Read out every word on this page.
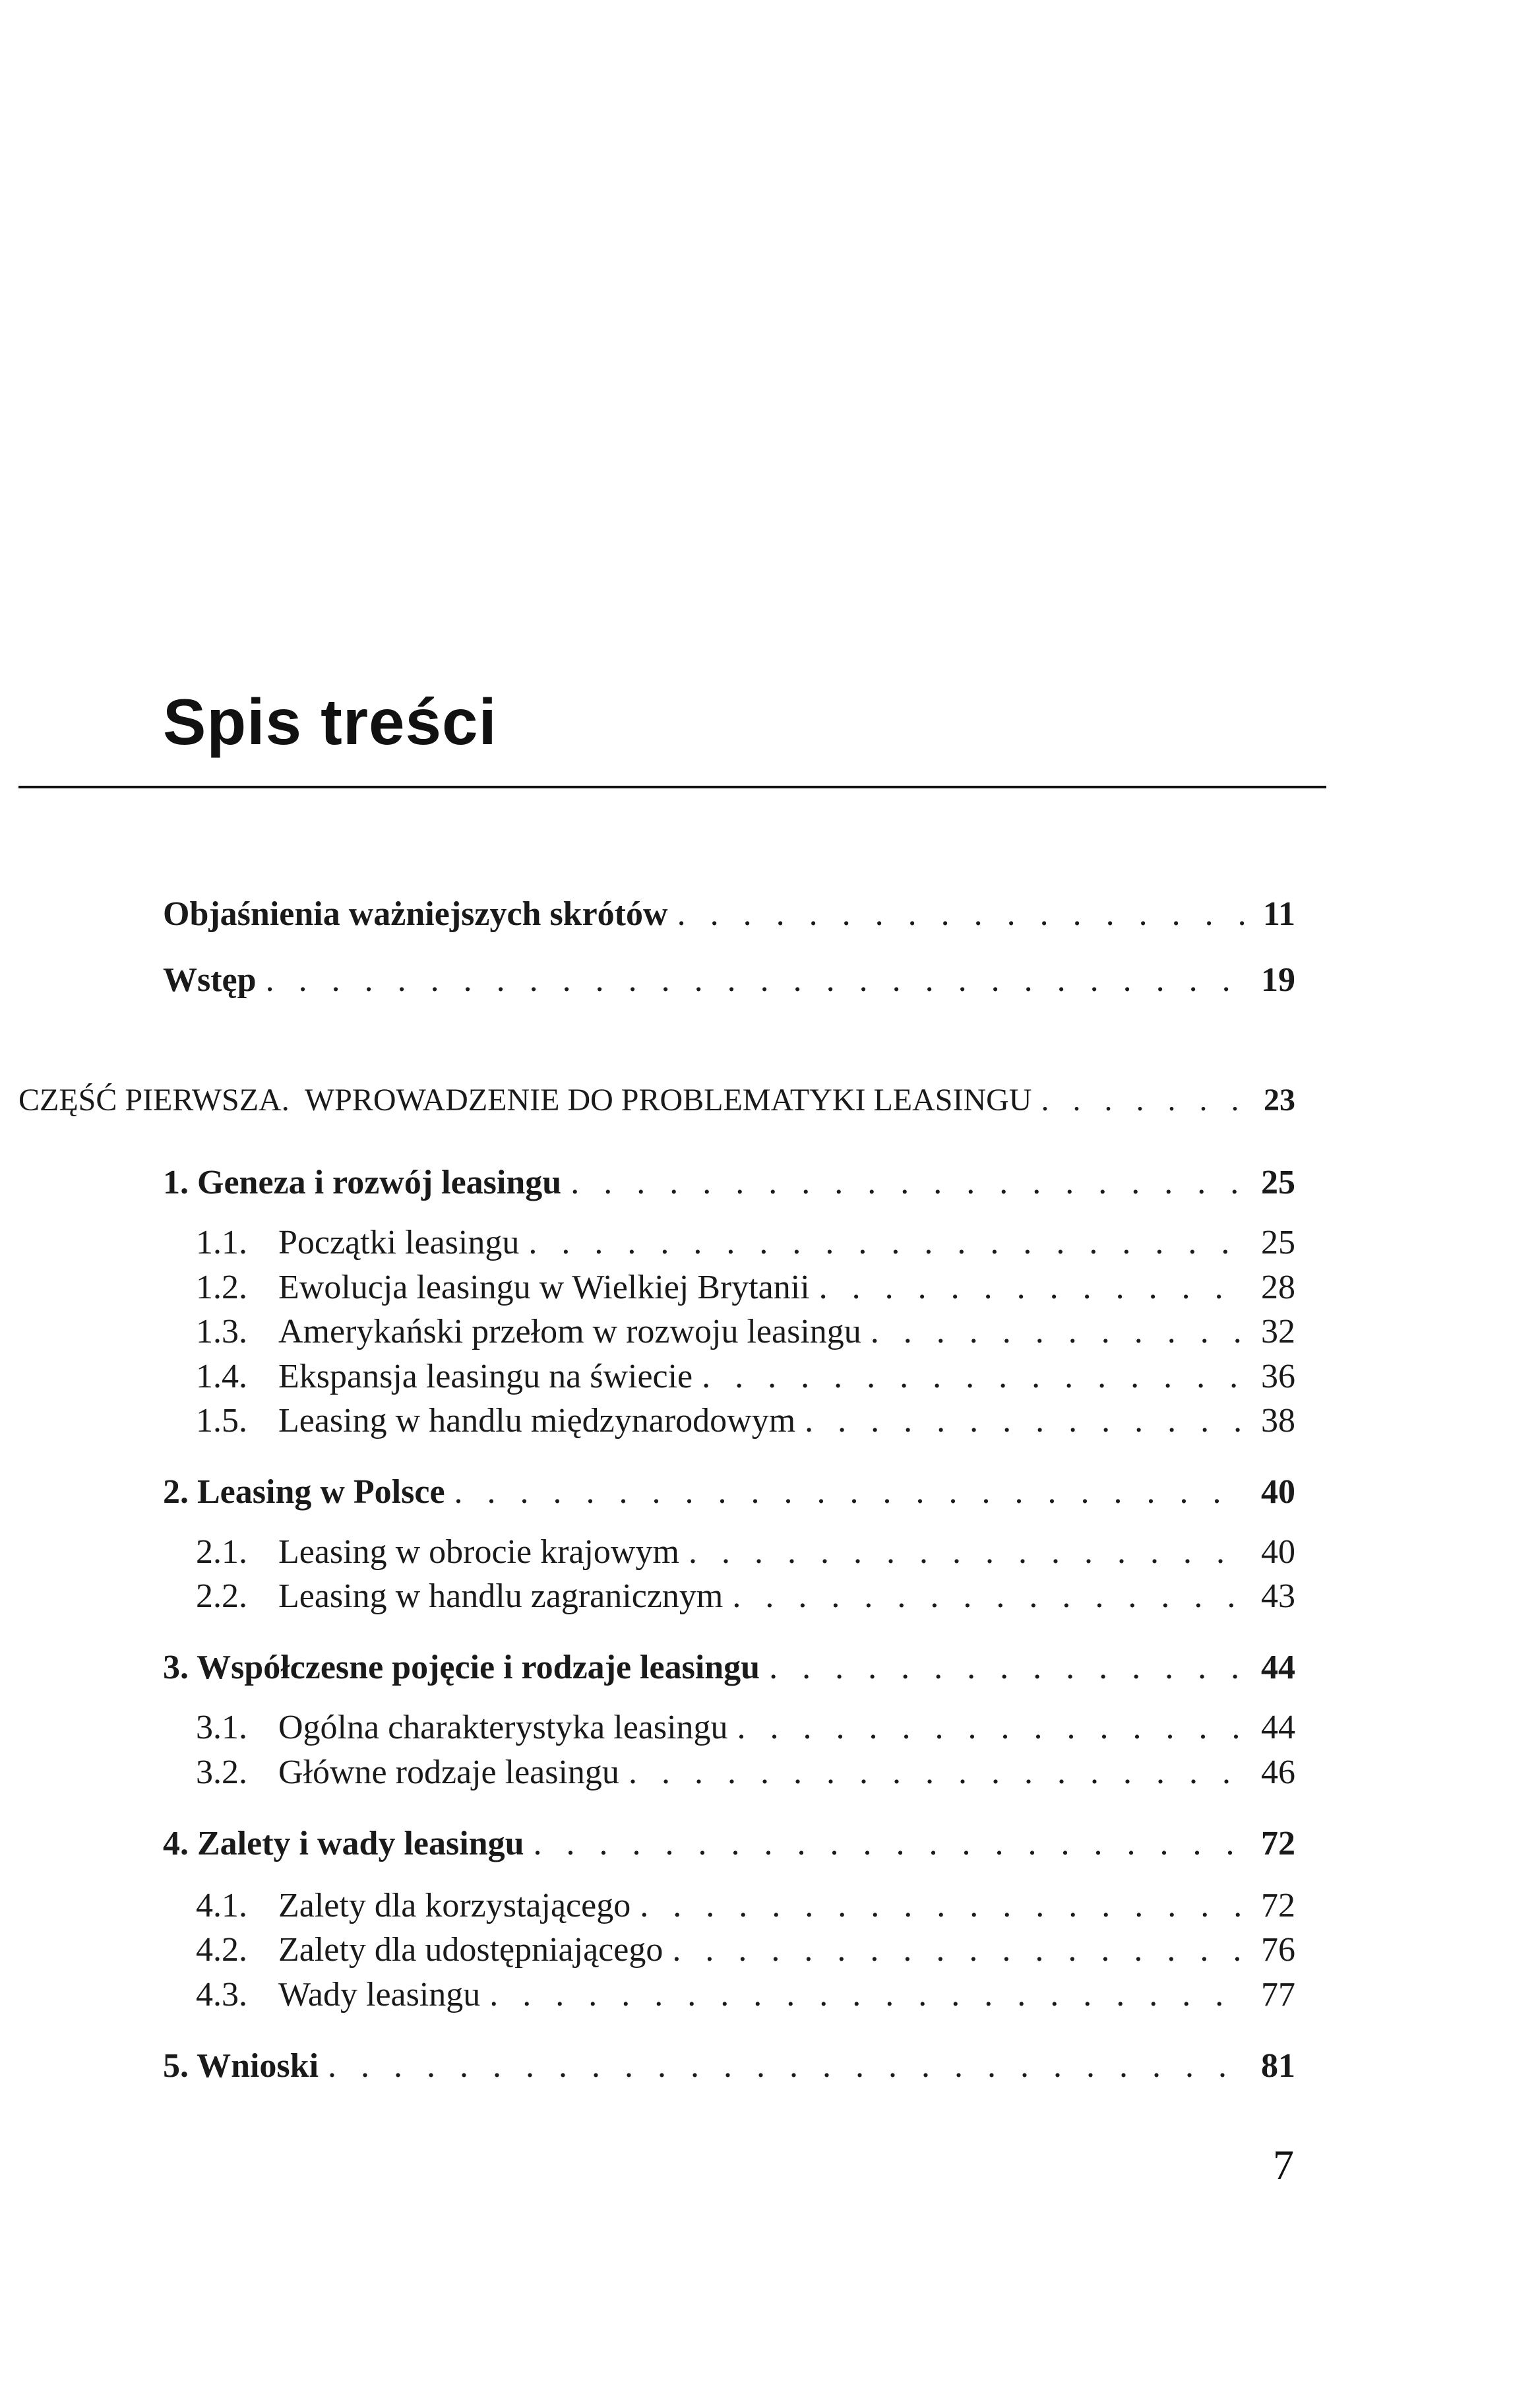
Spis treści
Objaśnienia ważniejszych skrótów . . .	11
Wstęp . . .	19
CZĘŚĆ PIERWSZA.  WPROWADZENIE DO PROBLEMATYKI LEASINGU . . .	23
1. Geneza i rozwój leasingu . . .	25
1.1. Początki leasingu . . .	25
1.2. Ewolucja leasingu w Wielkiej Brytanii . . .	28
1.3. Amerykański przełom w rozwoju leasingu . . .	32
1.4. Ekspansja leasingu na świecie . . .	36
1.5. Leasing w handlu międzynarodowym . . .	38
2. Leasing w Polsce . . .	40
2.1. Leasing w obrocie krajowym . . .	40
2.2. Leasing w handlu zagranicznym . . .	43
3. Współczesne pojęcie i rodzaje leasingu . . .	44
3.1. Ogólna charakterystyka leasingu . . .	44
3.2. Główne rodzaje leasingu . . .	46
4. Zalety i wady leasingu . . .	72
4.1. Zalety dla korzystającego . . .	72
4.2. Zalety dla udostępniającego . . .	76
4.3. Wady leasingu . . .	77
5. Wnioski . . .	81
7
